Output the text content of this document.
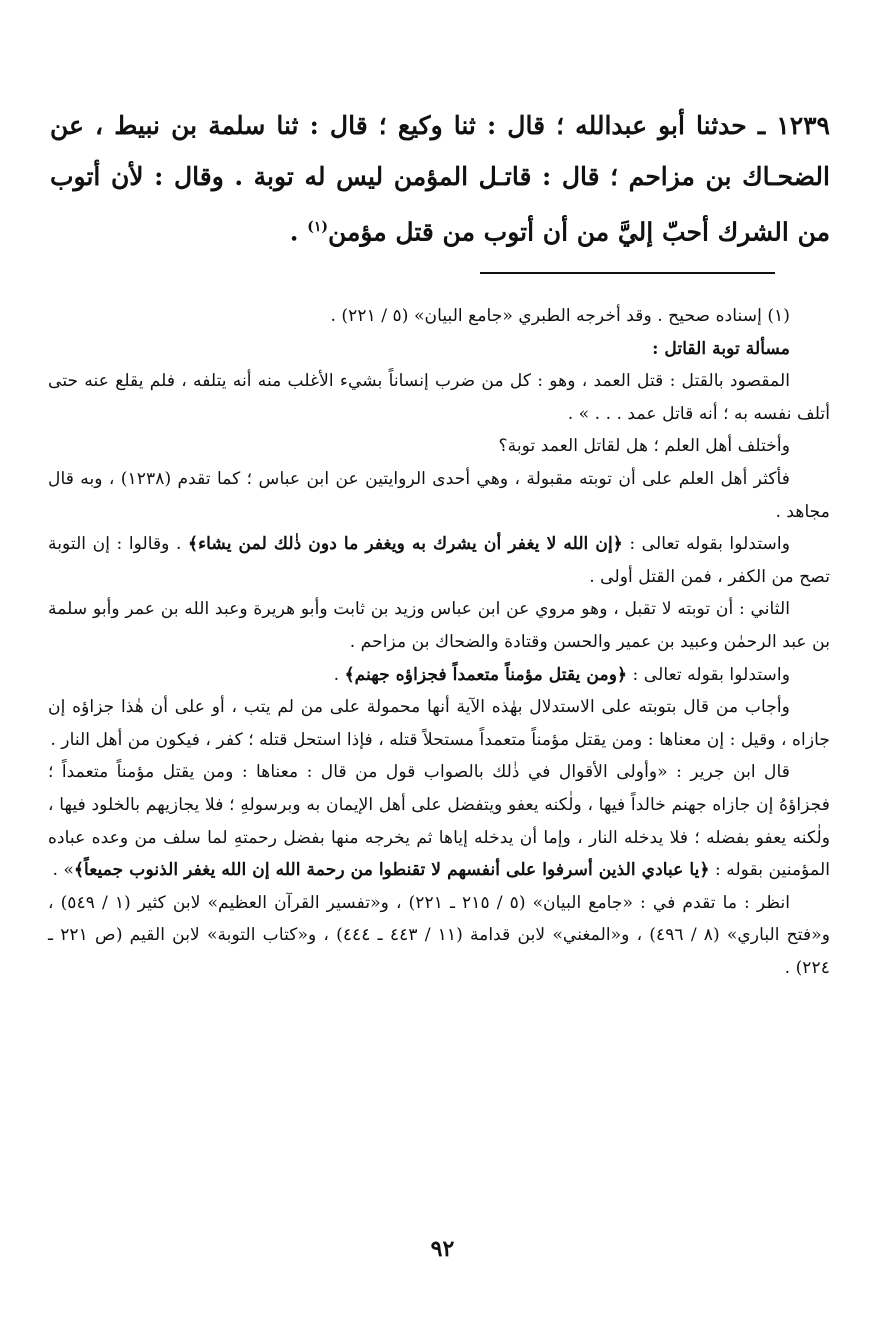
١٢٣٩ ـ حدثنا أبو عبدالله ؛ قال : ثنا وكيع ؛ قال : ثنا سلمة بن نبيط ، عن الضحـاك بن مزاحم ؛ قال : قاتـل المؤمن ليس له توبة . وقال : لأن أتوب من الشرك أحبّ إليَّ من أن أتوب من قتل مؤمن$^{(١)}$ .

(١) إسناده صحيح . وقد أخرجه الطبري «جامع البيان» (٥ / ٢٢١) .

مسألة توبة القاتل :

المقصود بالقتل : قتل العمد ، وهو : كل من ضرب إنساناً بشيء الأغلب منه أنه يتلفه ، فلم يقلع عنه حتى أتلف نفسه به ؛ أنه قاتل عمد . . . » .

وأختلف أهل العلم ؛ هل لقاتل العمد توبة؟

فأكثر أهل العلم على أن توبته مقبولة ، وهي أحدى الروايتين عن ابن عباس ؛ كما تقدم (١٢٣٨) ، وبه قال مجاهد .

واستدلوا بقوله تعالى : ﴿إن الله لا يغفر أن يشرك به ويغفر ما دون ذٰلك لمن يشاء﴾ . وقالوا : إن التوبة تصح من الكفر ، فمن القتل أولى .

الثاني : أن توبته لا تقبل ، وهو مروي عن ابن عباس وزيد بن ثابت وأبو هريرة وعبد الله بن عمر وأبو سلمة بن عبد الرحمٰن وعبيد بن عمير والحسن وقتادة والضحاك بن مزاحم .

واستدلوا بقوله تعالى : ﴿ومن يقتل مؤمناً متعمداً فجزاؤه جهنم﴾ .

وأجاب من قال بتوبته على الاستدلال بهٰذه الآية أنها محمولة على من لم يتب ، أو على أن هٰذا جزاؤه إن جازاه ، وقيل : إن معناها : ومن يقتل مؤمناً متعمداً مستحلاً قتله ، فإذا استحل قتله ؛ كفر ، فيكون من أهل النار .

قال ابن جرير : «وأولى الأقوال في ذٰلك بالصواب قول من قال : معناها : ومن يقتل مؤمناً متعمداً ؛ فجزاؤهُ إن جازاه جهنم خالداً فيها ، ولٰكنه يعفو ويتفضل على أهل الإيمان به وبرسولهِ ؛ فلا يجازيهم بالخلود فيها ، ولٰكنه يعفو بفضله ؛ فلا يدخله النار ، وإما أن يدخله إياها ثم يخرجه منها بفضل رحمتهِ لما سلف من وعده عباده المؤمنين بقوله : ﴿يا عبادي الذين أسرفوا على أنفسهم لا تقنطوا من رحمة الله إن الله يغفر الذنوب جميعاً﴾» .

انظر : ما تقدم في : «جامع البيان» (٥ / ٢١٥ ـ ٢٢١) ، و«تفسير القرآن العظيم» لابن كثير (١ / ٥٤٩) ، و«فتح الباري» (٨ / ٤٩٦) ، و«المغني» لابن قدامة (١١ / ٤٤٣ ـ ٤٤٤) ، و«كتاب التوبة» لابن القيم (ص ٢٢١ ـ ٢٢٤) .

٩٢
